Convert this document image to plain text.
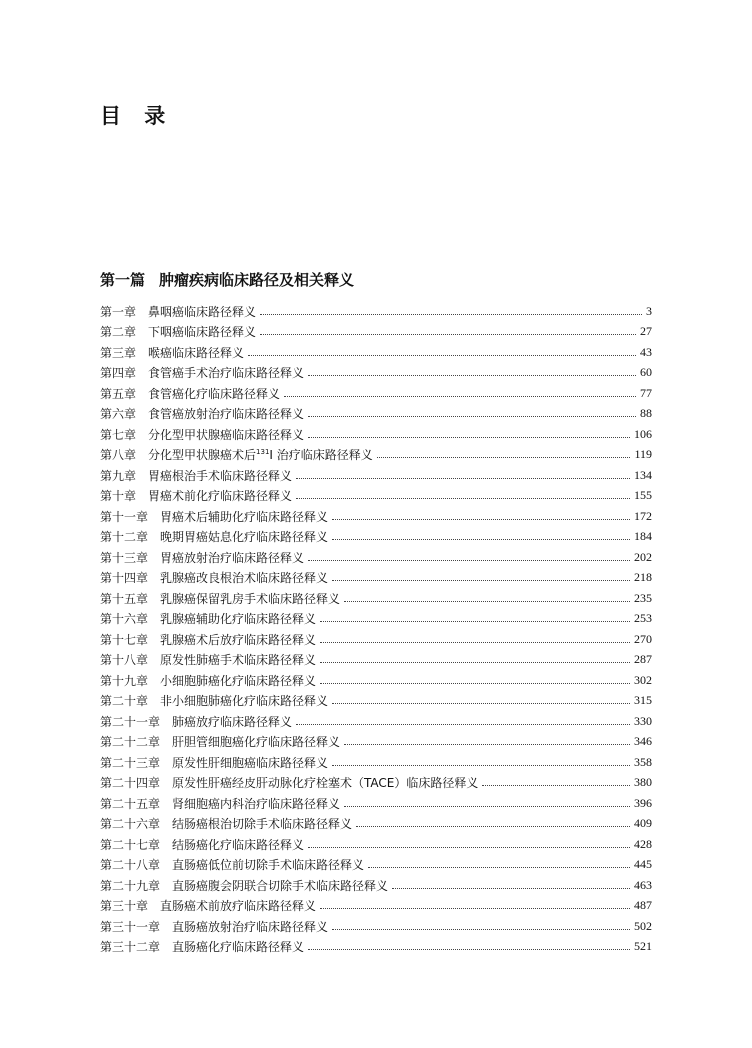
目 录
第一篇 肿瘤疾病临床路径及相关释义
第一章 鼻咽癌临床路径释义	3
第二章 下咽癌临床路径释义	27
第三章 喉癌临床路径释义	43
第四章 食管癌手术治疗临床路径释义	60
第五章 食管癌化疗临床路径释义	77
第六章 食管癌放射治疗临床路径释义	88
第七章 分化型甲状腺癌临床路径释义	106
第八章 分化型甲状腺癌术后$^{131}$I 治疗临床路径释义	119
第九章 胃癌根治手术临床路径释义	134
第十章 胃癌术前化疗临床路径释义	155
第十一章 胃癌术后辅助化疗临床路径释义	172
第十二章 晚期胃癌姑息化疗临床路径释义	184
第十三章 胃癌放射治疗临床路径释义	202
第十四章 乳腺癌改良根治术临床路径释义	218
第十五章 乳腺癌保留乳房手术临床路径释义	235
第十六章 乳腺癌辅助化疗临床路径释义	253
第十七章 乳腺癌术后放疗临床路径释义	270
第十八章 原发性肺癌手术临床路径释义	287
第十九章 小细胞肺癌化疗临床路径释义	302
第二十章 非小细胞肺癌化疗临床路径释义	315
第二十一章 肺癌放疗临床路径释义	330
第二十二章 肝胆管细胞癌化疗临床路径释义	346
第二十三章 原发性肝细胞癌临床路径释义	358
第二十四章 原发性肝癌经皮肝动脉化疗栓塞术（TACE）临床路径释义	380
第二十五章 肾细胞癌内科治疗临床路径释义	396
第二十六章 结肠癌根治切除手术临床路径释义	409
第二十七章 结肠癌化疗临床路径释义	428
第二十八章 直肠癌低位前切除手术临床路径释义	445
第二十九章 直肠癌腹会阴联合切除手术临床路径释义	463
第三十章 直肠癌术前放疗临床路径释义	487
第三十一章 直肠癌放射治疗临床路径释义	502
第三十二章 直肠癌化疗临床路径释义	521
